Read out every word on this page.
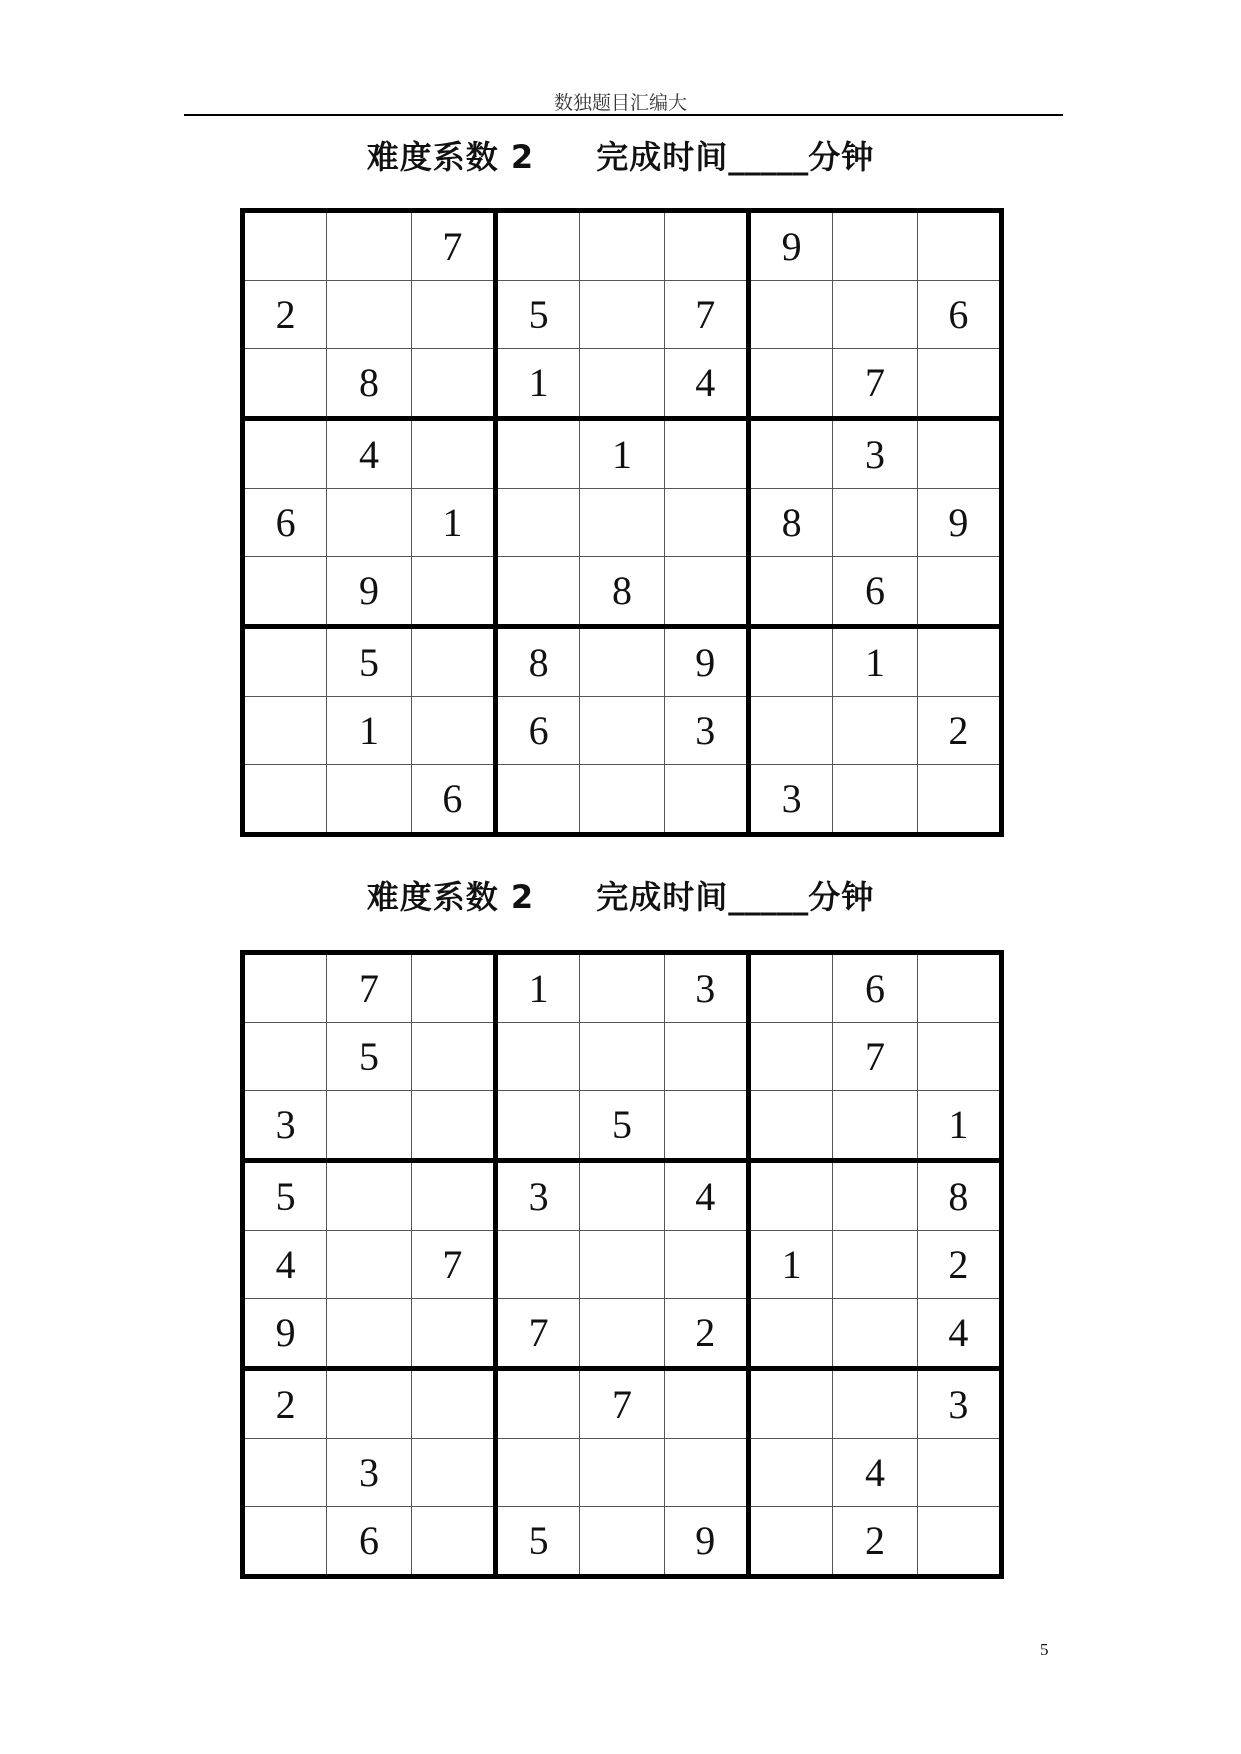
数独题目汇编大
难度系数 2 完成时间_____分钟
		7				9		
2			5		7			6
	8		1		4		7	
	4			1			3	
6		1				8		9
	9			8			6	
	5		8		9		1	
	1		6		3			2
		6				3		
难度系数 2 完成时间_____分钟
	7		1		3		6	
	5						7	
3				5				1
5			3		4			8
4		7				1		2
9			7		2			4
2				7				3
	3						4	
	6		5		9		2	
5
